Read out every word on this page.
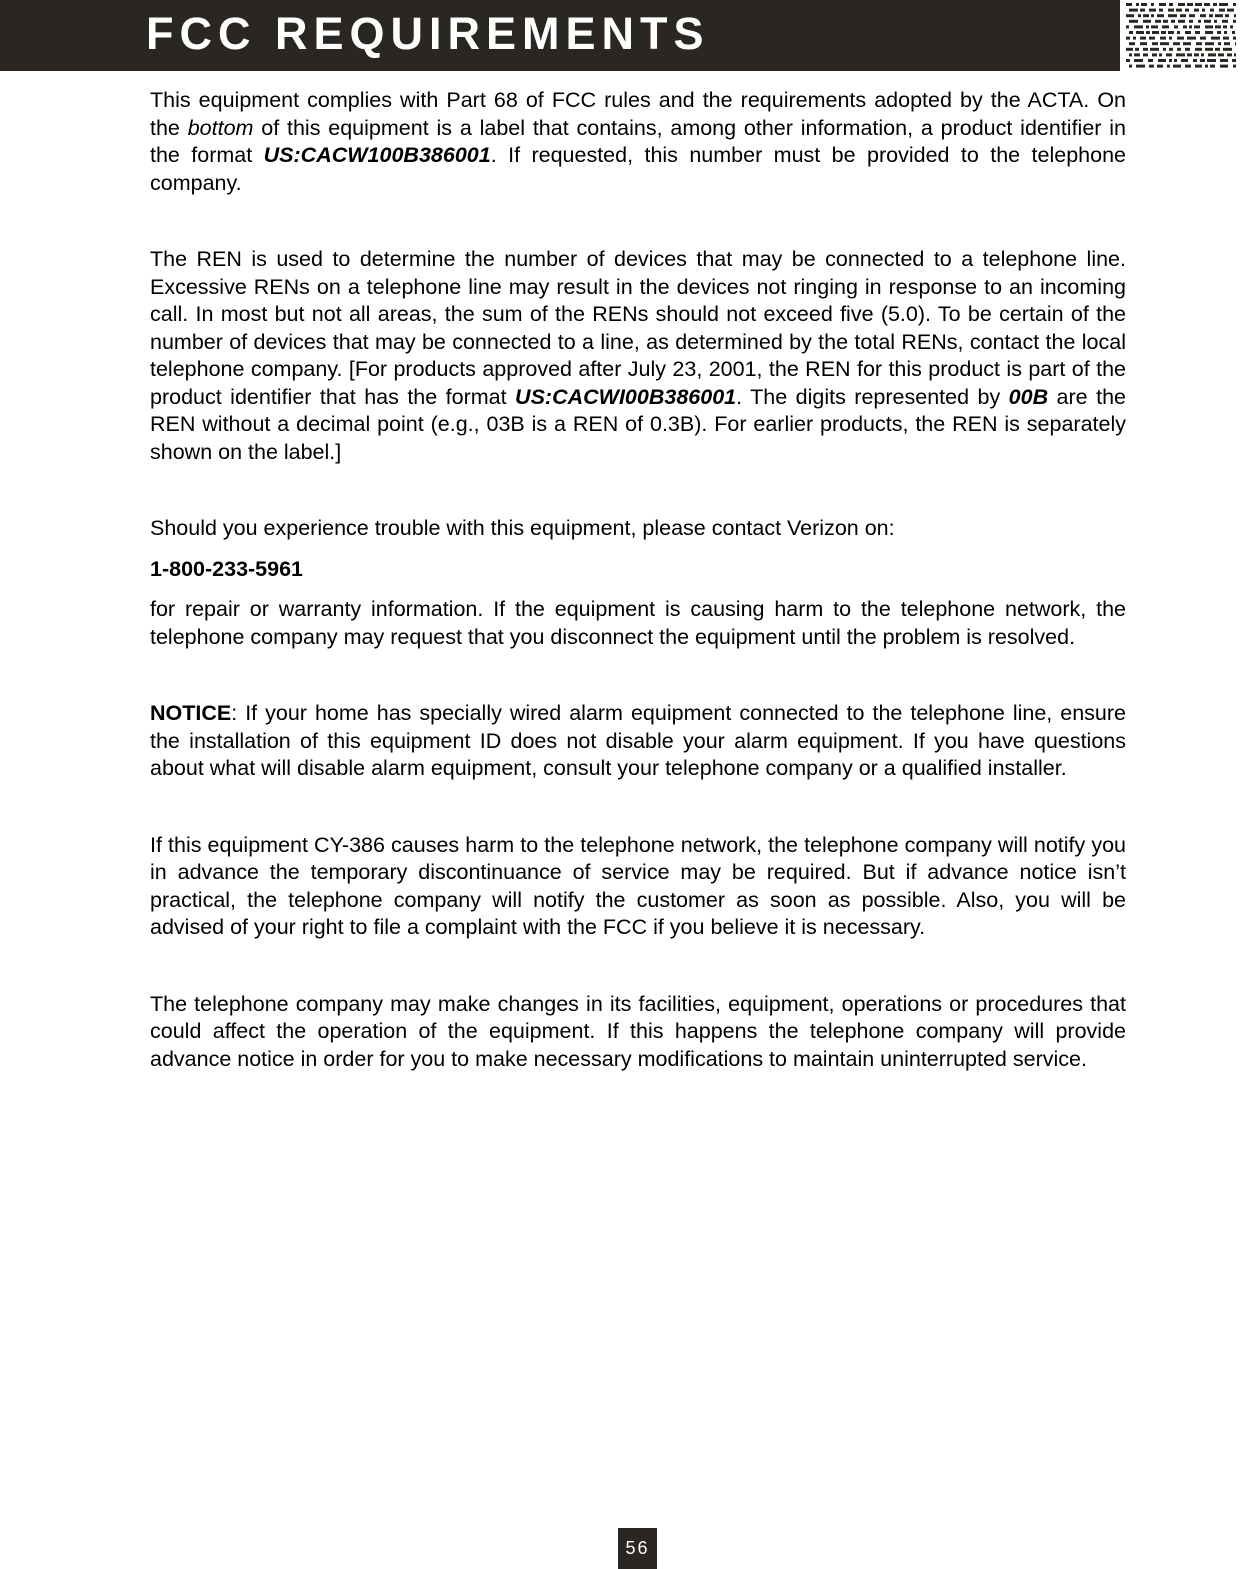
FCC REQUIREMENTS

This equipment complies with Part 68 of FCC rules and the requirements adopted by the ACTA. On the bottom of this equipment is a label that contains, among other information, a product identifier in the format US:CACW100B386001. If requested, this number must be provided to the telephone company.

The REN is used to determine the number of devices that may be connected to a telephone line. Excessive RENs on a telephone line may result in the devices not ringing in response to an incoming call. In most but not all areas, the sum of the RENs should not exceed five (5.0). To be certain of the number of devices that may be connected to a line, as determined by the total RENs, contact the local telephone company. [For products approved after July 23, 2001, the REN for this product is part of the product identifier that has the format US:CACWI00B386001. The digits represented by 00B are the REN without a decimal point (e.g., 03B is a REN of 0.3B). For earlier products, the REN is separately shown on the label.]

Should you experience trouble with this equipment, please contact Verizon on:

1-800-233-5961

for repair or warranty information. If the equipment is causing harm to the telephone network, the telephone company may request that you disconnect the equipment until the problem is resolved.

NOTICE: If your home has specially wired alarm equipment connected to the telephone line, ensure the installation of this equipment ID does not disable your alarm equipment. If you have questions about what will disable alarm equipment, consult your telephone company or a qualified installer.

If this equipment CY-386 causes harm to the telephone network, the telephone company will notify you in advance the temporary discontinuance of service may be required. But if advance notice isn’t practical, the telephone company will notify the customer as soon as possible. Also, you will be advised of your right to file a complaint with the FCC if you believe it is necessary.

The telephone company may make changes in its facilities, equipment, operations or procedures that could affect the operation of the equipment. If this happens the telephone company will provide advance notice in order for you to make necessary modifications to maintain uninterrupted service.

56
